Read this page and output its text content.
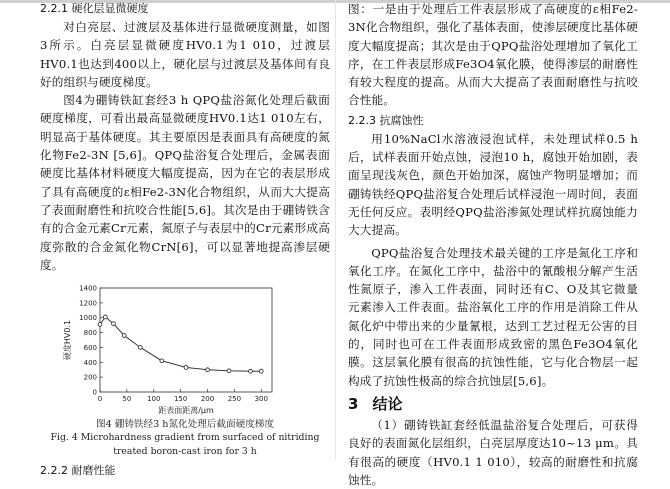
2.2.1 硬化层显微硬度

对白亮层、过渡层及基体进行显微硬度测量，如图3所示。白亮层显微硬度HV0.1为1 010，过渡层HV0.1也达到400以上，硬化层与过渡层及基体间有良好的组织与硬度梯度。

图4为硼铸铁缸套经3 h QPQ盐浴氮化处理后截面硬度梯度，可看出最高显微硬度HV0.1达1 010左右，明显高于基体硬度。其主要原因是表面具有高硬度的氮化物Fe2-3N [5,6]。QPQ盐浴复合处理后，金属表面硬度比基体材料硬度大幅度提高，因为在它的表层形成了具有高硬度的ε相Fe2-3N化合物组织，从而大大提高了表面耐磨性和抗咬合性能[5,6]。其次是由于硼铸铁含有的合金元素Cr元素，氮原子与表层中的Cr元素形成高度弥散的合金氮化物CrN[6]，可以显著地提高渗层硬度。

0
200
400
600
800
1000
1200
1400
0	50 100 150 200 250 300
距表面距离/μm
硬度HV0.1

图4 硼铸铁经3 h氮化处理后截面硬度梯度

Fig. 4 Microhardness gradient from surfaced of nitriding treated boron-cast iron for 3 h

2.2.2 耐磨性能

图：一是由于处理后工件表层形成了高硬度的ε相Fe2-3N化合物组织，强化了基体表面，使渗层硬度比基体硬度大幅度提高；其次是由于QPQ盐浴处理增加了氧化工序，在工件表层形成Fe3O4氧化膜，使得渗层的耐磨性有较大程度的提高。从而大大提高了表面耐磨性与抗咬合性能。

2.2.3 抗腐蚀性

用10%NaCl水溶液浸泡试样，未处理试样0.5 h后，试样表面开始点蚀，浸泡10 h，腐蚀开始加剧，表面呈现浅灰色，颜色开始加深，腐蚀产物明显增加；而硼铸铁经QPQ盐浴复合处理后试样浸泡一周时间，表面无任何反应。表明经QPQ盐浴渗氮处理试样抗腐蚀能力大大提高。

QPQ盐浴复合处理技术最关键的工序是氮化工序和氧化工序。在氮化工序中，盐浴中的氰酸根分解产生活性氮原子，渗入工件表面，同时还有C、O及其它微量元素渗入工件表面。盐浴氧化工序的作用是消除工件从氮化炉中带出来的少量氰根，达到工艺过程无公害的目的，同时也可在工件表面形成致密的黑色Fe3O4氧化膜。这层氧化膜有很高的抗蚀性能，它与化合物层一起构成了抗蚀性极高的综合抗蚀层[5,6]。

3 结论

（1）硼铸铁缸套经低温盐浴复合处理后，可获得良好的表面氮化层组织，白亮层厚度达10~13 μm。具有很高的硬度（HV0.1 1 010），较高的耐磨性和抗腐蚀性。
